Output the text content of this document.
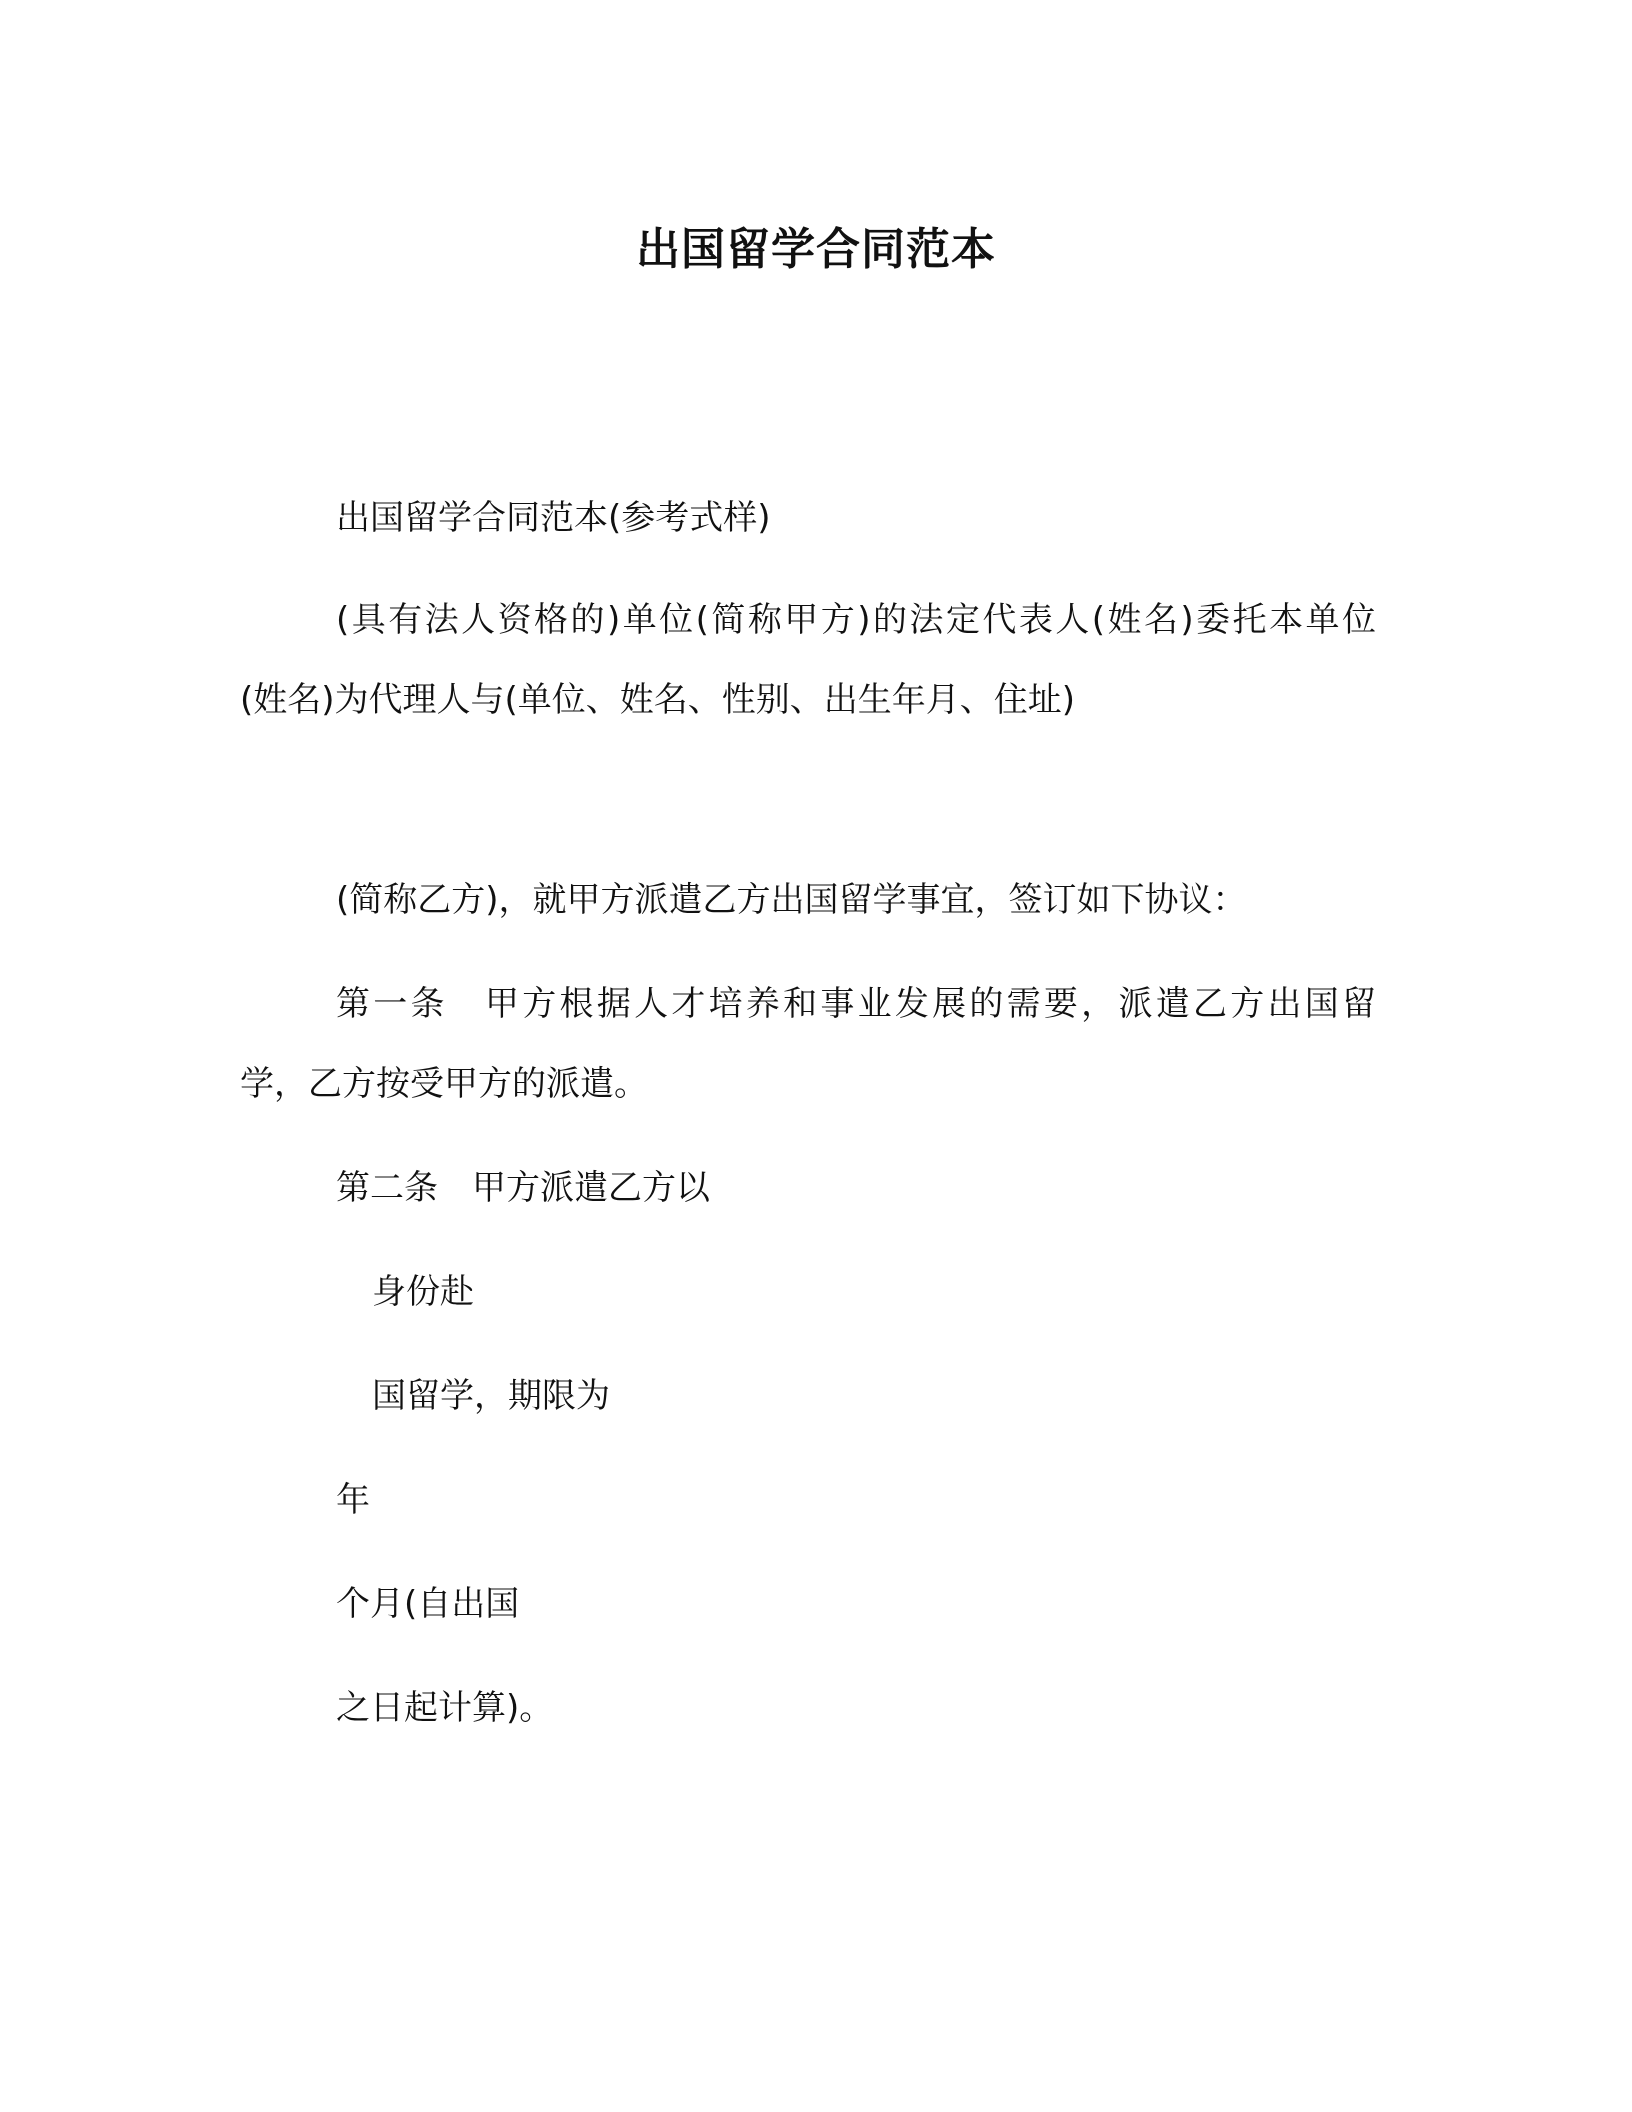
出国留学合同范本
出国留学合同范本(参考式样)
(具有法人资格的)单位(简称甲方)的法定代表人(姓名)委托本单位
(姓名)为代理人与(单位、姓名、性别、出生年月、住址)
(简称乙方)，就甲方派遣乙方出国留学事宜，签订如下协议：
第一条　甲方根据人才培养和事业发展的需要，派遣乙方出国留
学，乙方按受甲方的派遣。
第二条　甲方派遣乙方以
身份赴
国留学，期限为
年
个月(自出国
之日起计算)。
